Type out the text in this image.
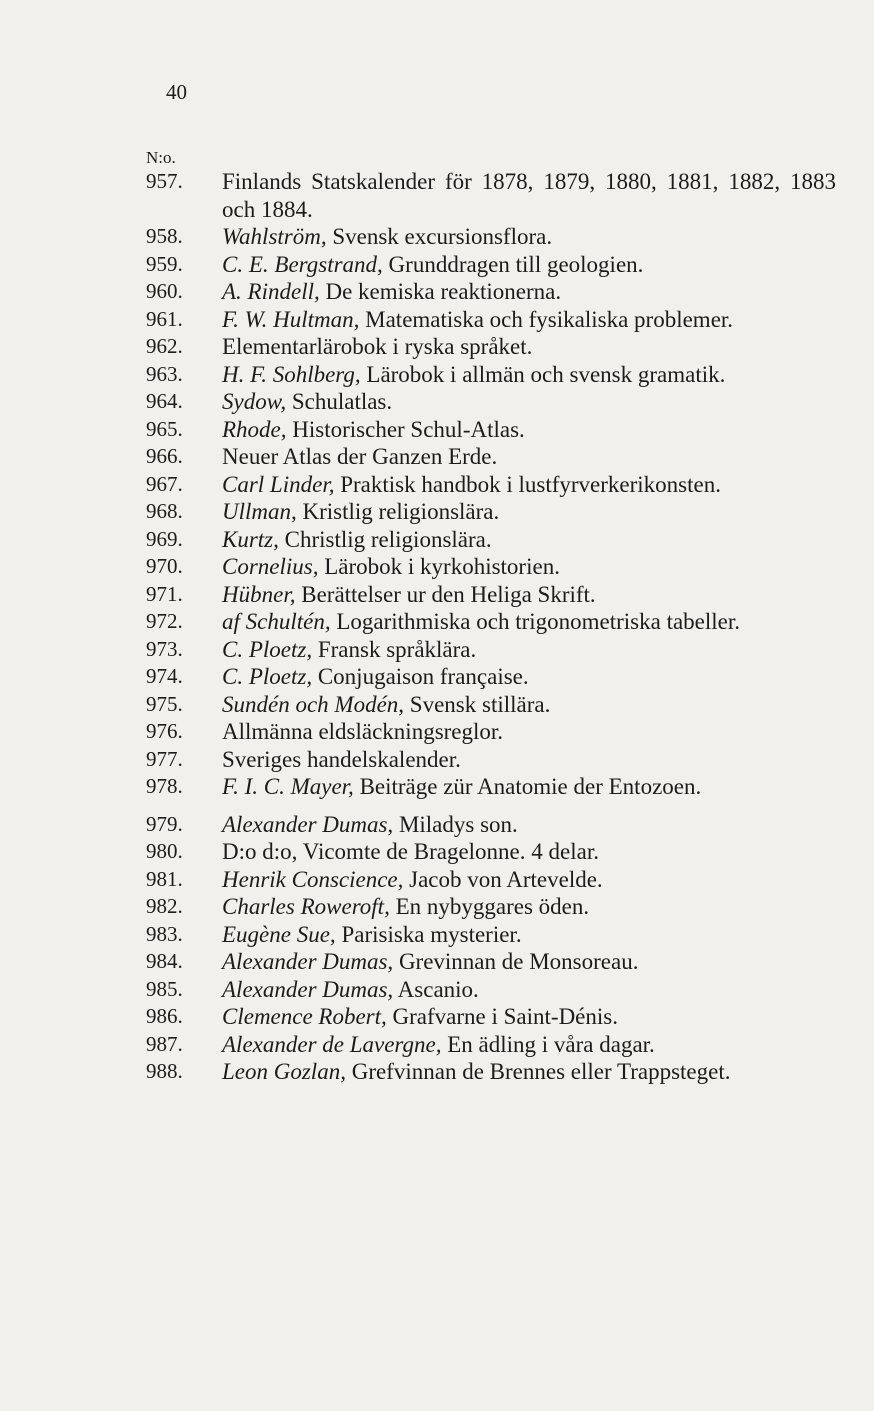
40
N:o.
957.	Finlands Statskalender för 1878, 1879, 1880, 1881, 1882, 1883 och 1884.
958.	Wahlström, Svensk excursionsflora.
959.	C. E. Bergstrand, Grunddragen till geologien.
960.	A. Rindell, De kemiska reaktionerna.
961.	F. W. Hultman, Matematiska och fysikaliska problemer.
962.	Elementarlärobok i ryska språket.
963.	H. F. Sohlberg, Lärobok i allmän och svensk gramatik.
964.	Sydow, Schulatlas.
965.	Rhode, Historischer Schul-Atlas.
966.	Neuer Atlas der Ganzen Erde.
967.	Carl Linder, Praktisk handbok i lustfyrverkerikonsten.
968.	Ullman, Kristlig religionslära.
969.	Kurtz, Christlig religionslära.
970.	Cornelius, Lärobok i kyrkohistorien.
971.	Hübner, Berättelser ur den Heliga Skrift.
972.	af Schultén, Logarithmiska och trigonometriska tabeller.
973.	C. Ploetz, Fransk språklära.
974.	C. Ploetz, Conjugaison française.
975.	Sundén och Modén, Svensk stillära.
976.	Allmänna eldsläckningsreglor.
977.	Sveriges handelskalender.
978.	F. I. C. Mayer, Beiträge zür Anatomie der Entozoen.
979.	Alexander Dumas, Miladys son.
980.	D:o d:o, Vicomte de Bragelonne. 4 delar.
981.	Henrik Conscience, Jacob von Artevelde.
982.	Charles Roweroft, En nybyggares öden.
983.	Eugène Sue, Parisiska mysterier.
984.	Alexander Dumas, Grevinnan de Monsoreau.
985.	Alexander Dumas, Ascanio.
986.	Clemence Robert, Grafvarne i Saint-Dénis.
987.	Alexander de Lavergne, En ädling i våra dagar.
988.	Leon Gozlan, Grefvinnan de Brennes eller Trappsteget.
